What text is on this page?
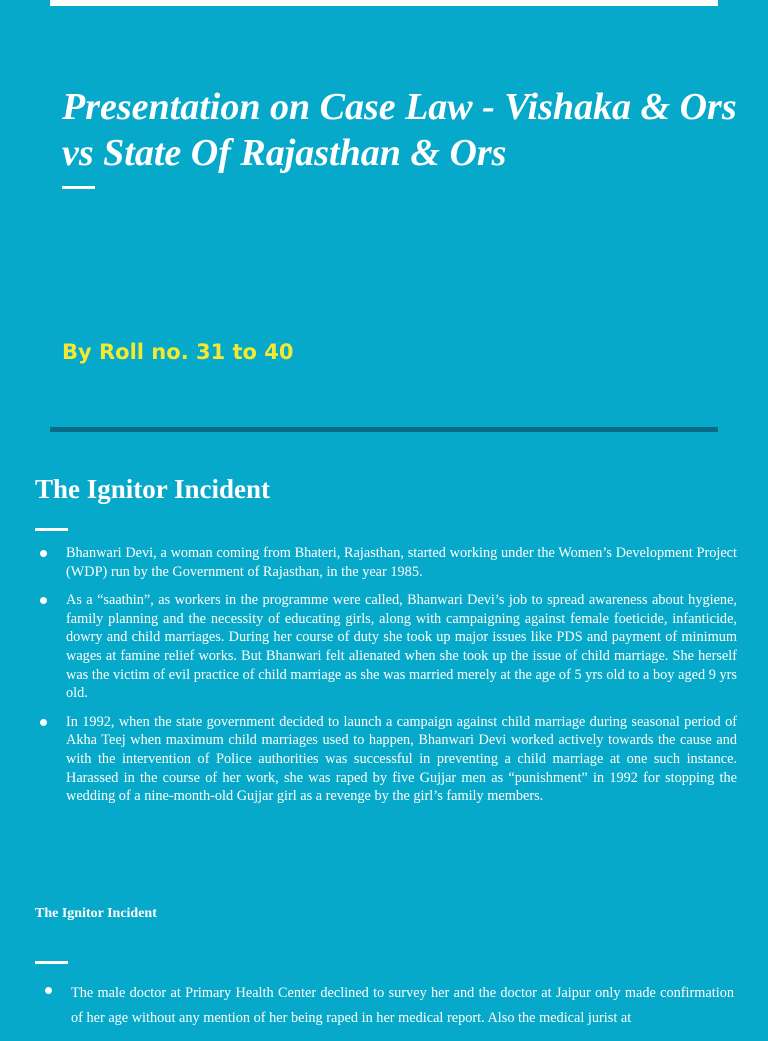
Presentation on Case Law - Vishaka & Ors vs State Of Rajasthan & Ors

By Roll no. 31 to 40

The Ignitor Incident
Bhanwari Devi, a woman coming from Bhateri, Rajasthan, started working under the Women’s Development Project (WDP) run by the Government of Rajasthan, in the year 1985.
As a “saathin”, as workers in the programme were called, Bhanwari Devi’s job to spread awareness about hygiene, family planning and the necessity of educating girls, along with campaigning against female foeticide, infanticide, dowry and child marriages. During her course of duty she took up major issues like PDS and payment of minimum wages at famine relief works. But Bhanwari felt alienated when she took up the issue of child marriage. She herself was the victim of evil practice of child marriage as she was married merely at the age of 5 yrs old to a boy aged 9 yrs old.
In 1992, when the state government decided to launch a campaign against child marriage during seasonal period of Akha Teej when maximum child marriages used to happen, Bhanwari Devi worked actively towards the cause and with the intervention of Police authorities was successful in preventing a child marriage at one such instance. Harassed in the course of her work, she was raped by five Gujjar men as “punishment” in 1992 for stopping the wedding of a nine-month-old Gujjar girl as a revenge by the girl’s family members.
The Ignitor Incident
The male doctor at Primary Health Center declined to survey her and the doctor at Jaipur only made confirmation of her age without any mention of her being raped in her medical report. Also the medical jurist at
